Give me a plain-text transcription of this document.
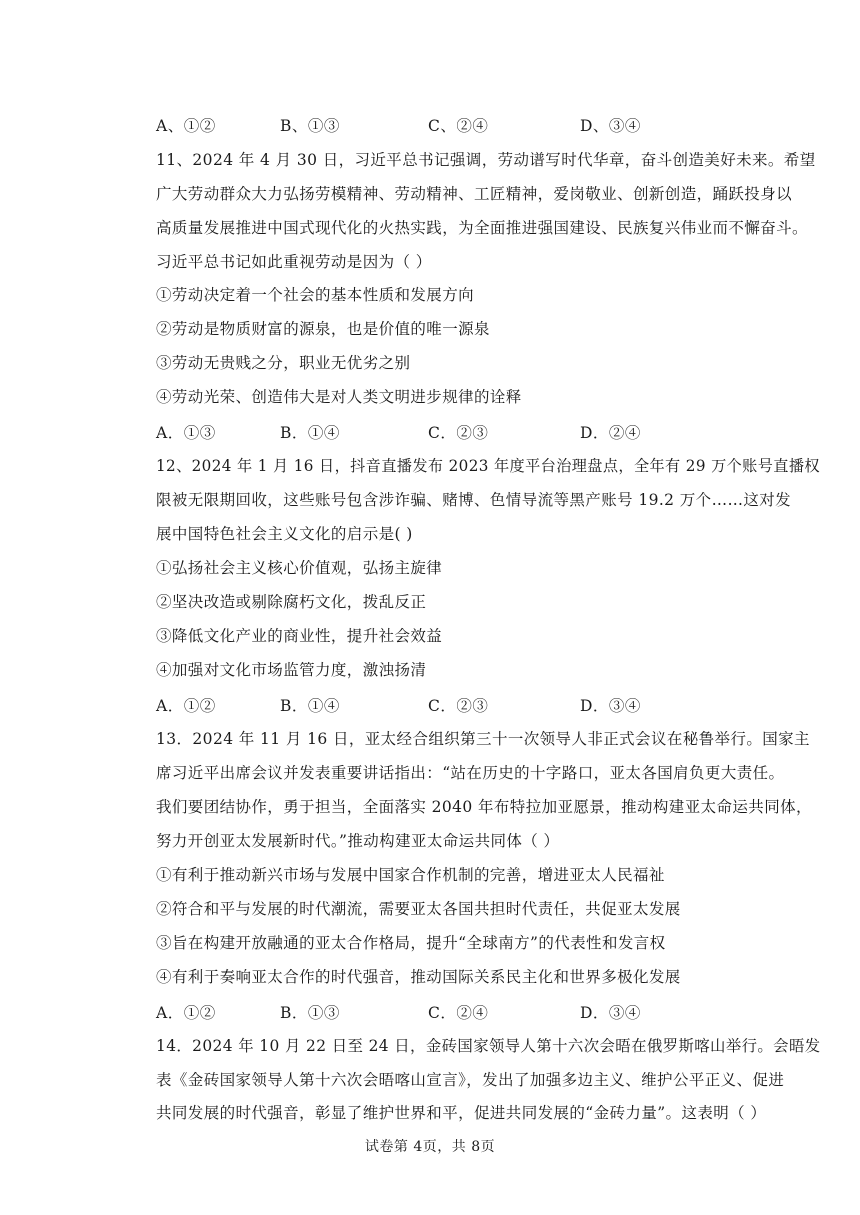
A、①②	B、①③	C、②④	D、③④
11、2024 年 4 月 30 日，习近平总书记强调，劳动谱写时代华章，奋斗创造美好未来。希望
广大劳动群众大力弘扬劳模精神、劳动精神、工匠精神，爱岗敬业、创新创造，踊跃投身以
高质量发展推进中国式现代化的火热实践，为全面推进强国建设、民族复兴伟业而不懈奋斗。
习近平总书记如此重视劳动是因为（ ）
①劳动决定着一个社会的基本性质和发展方向
②劳动是物质财富的源泉，也是价值的唯一源泉
③劳动无贵贱之分，职业无优劣之别
④劳动光荣、创造伟大是对人类文明进步规律的诠释
A．①③	B．①④	C．②③	D．②④
12、2024 年 1 月 16 日，抖音直播发布 2023 年度平台治理盘点，全年有 29 万个账号直播权
限被无限期回收，这些账号包含涉诈骗、赌博、色情导流等黑产账号 19.2 万个……这对发
展中国特色社会主义文化的启示是( )
①弘扬社会主义核心价值观，弘扬主旋律
②坚决改造或剔除腐朽文化，拨乱反正
③降低文化产业的商业性，提升社会效益
④加强对文化市场监管力度，激浊扬清
A．①②	B．①④	C．②③	D．③④
13．2024 年 11 月 16 日，亚太经合组织第三十一次领导人非正式会议在秘鲁举行。国家主
席习近平出席会议并发表重要讲话指出：“站在历史的十字路口，亚太各国肩负更大责任。
我们要团结协作，勇于担当，全面落实 2040 年布特拉加亚愿景，推动构建亚太命运共同体，
努力开创亚太发展新时代。”推动构建亚太命运共同体（ ）
①有利于推动新兴市场与发展中国家合作机制的完善，增进亚太人民福祉
②符合和平与发展的时代潮流，需要亚太各国共担时代责任，共促亚太发展
③旨在构建开放融通的亚太合作格局，提升“全球南方”的代表性和发言权
④有利于奏响亚太合作的时代强音，推动国际关系民主化和世界多极化发展
A．①②	B．①③	C．②④	D．③④
14．2024 年 10 月 22 日至 24 日，金砖国家领导人第十六次会晤在俄罗斯喀山举行。会晤发
表《金砖国家领导人第十六次会晤喀山宣言》，发出了加强多边主义、维护公平正义、促进
共同发展的时代强音，彰显了维护世界和平，促进共同发展的“金砖力量”。这表明（ ）
试卷第 4页，共 8页
